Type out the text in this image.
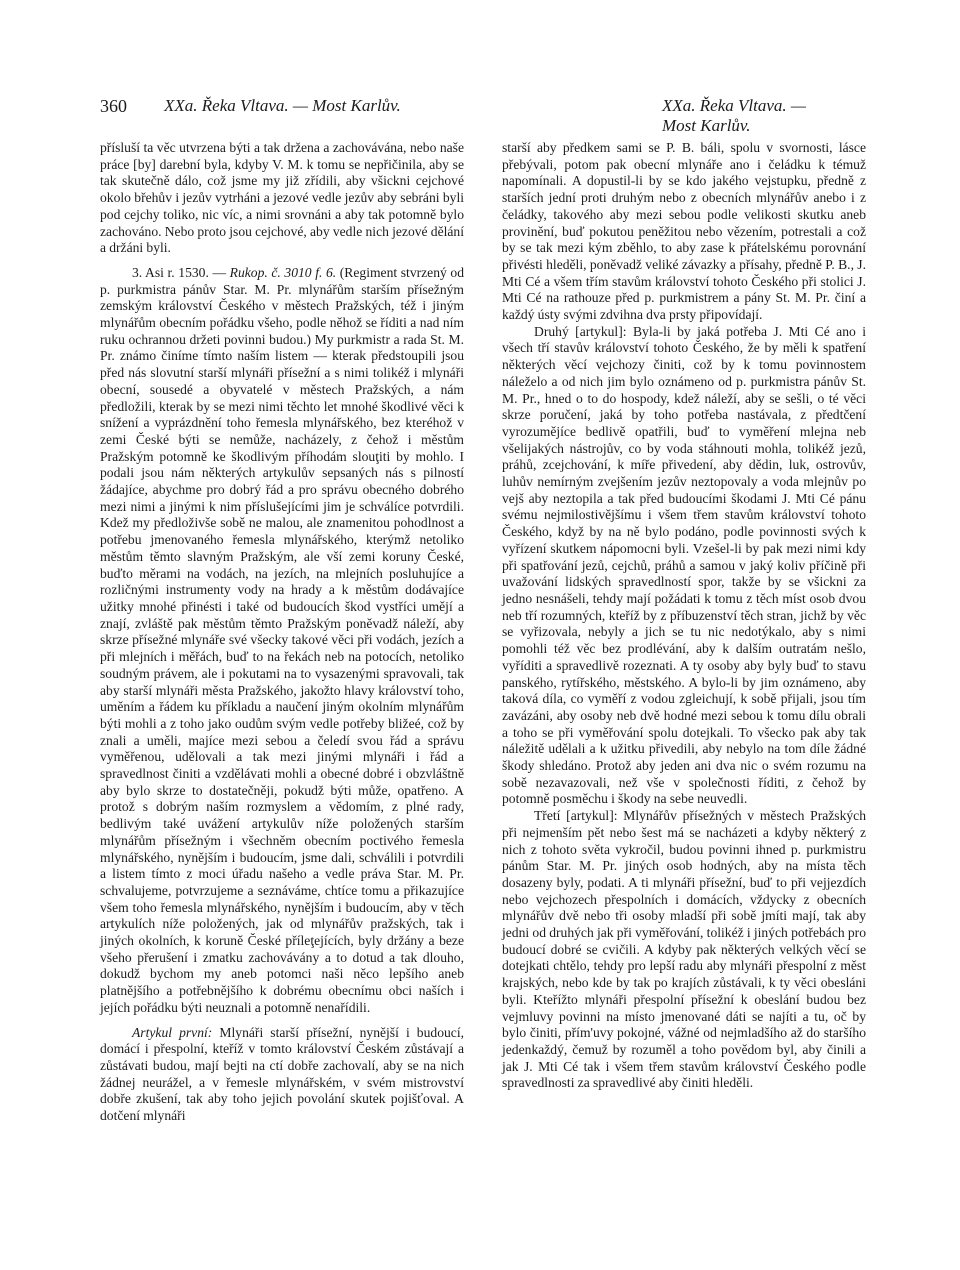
360 XXa. Řeka Vltava. — Most Karlův.	XXa. Řeka Vltava. — Most Karlův.

přísluší ta věc utvrzena býti a tak držena a zachovávána, nebo naše práce [by] darební byla, kdyby V. M. k tomu se nepřičinila, aby se tak skutečně dálo, což jsme my již zřídili, aby všickni cejchové okolo břehův i jezův vytrháni a jezové vedle jezův aby sebráni byli pod cejchy toliko, nic víc, a nimi srovnáni a aby tak potomně bylo zachováno. Nebo proto jsou cejchové, aby vedle nich jezové dělání a držáni byli.

3. Asi r. 1530. — Rukop. č. 3010 f. 6. (Regiment stvrzený od p. purkmistra pánův Star. M. Pr. mlynářům starším přísežným zemským království Českého v městech Pražských, též i jiným mlynářům obecním pořádku všeho, podle něhož se říditi a nad ním ruku ochrannou držeti povinni budou.) My purkmistr a rada St. M. Pr. známo činíme tímto naším listem — kterak předstoupili jsou před nás slovutní starší mlynáři přísežní a s nimi tolikéž i mlynáři obecní, sousedé a obyvatelé v městech Pražských, a nám předložili, kterak by se mezi nimi těchto let mnohé škodlivé věci k snížení a vyprázdnění toho řemesla mlynářského, bez kteréhož v zemi České býti se nemůže, nacházely, z čehož i městům Pražským potomně ke škodlivým příhodám slouţiti by mohlo. I podali jsou nám některých artykulův sepsaných nás s pilností žádajíce, abychme pro dobrý řád a pro správu obecného dobrého mezi nimi a jinými k nim příslušejícími jim je schválíce potvrdili. Kdež my předloživše sobě ne malou, ale znamenitou pohodlnost a potřebu jmenovaného řemesla mlynářského, kterýmž netoliko městům těmto slavným Pražským, ale vší zemi koruny České, buďto měrami na vodách, na jezích, na mlejních posluhujíce a rozličnými instrumenty vody na hrady a k městům dodávajíce užitky mnohé přinésti i také od budoucích škod vystříci umějí a znají, zvláště pak městům těmto Pražským poněvadž náleží, aby skrze přísežné mlynáře své všecky takové věci při vodách, jezích a při mlejních i měřách, buď to na řekách neb na potocích, netoliko soudným právem, ale i pokutami na to vysazenými spravovali, tak aby starší mlynáři města Pražského, jakožto hlavy království toho, uměním a řádem ku příkladu a naučení jiným okolním mlynářům býti mohli a z toho jako oudům svým vedle potřeby bližeé, což by znali a uměli, majíce mezi sebou a čeledí svou řád a správu vyměřenou, udělovali a tak mezi jinými mlynáři i řád a spravedlnost činiti a vzdělávati mohli a obecné dobré i obzvláštně aby bylo skrze to dostatečněji, pokudž býti může, opatřeno. A protož s dobrým naším rozmyslem a vědomím, z plné rady, bedlivým také uvážení artykulův níže položených starším mlynářům přísežným i všechněm obecním poctivého řemesla mlynářského, nynějším i budoucím, jsme dali, schválili i potvrdili a listem tímto z moci úřadu našeho a vedle práva Star. M. Pr. schvalujeme, potvrzujeme a seznáváme, chtíce tomu a přikazujíce všem toho řemesla mlynářského, nynějším i budoucím, aby v těch artykulích níže položených, jak od mlynářův pražských, tak i jiných okolních, k koruně České příleţejících, byly držány a beze všeho přerušení i zmatku zachovávány a to dotud a tak dlouho, dokudž bychom my aneb potomci naši něco lepšího aneb platnějšího a potřebnějšího k dobrému obecnímu obci naších i jejích pořádku býti neuznali a potomně nenařídili.

Artykul první: Mlynáři starší přísežní, nynější i budoucí, domácí i přespolní, kteříž v tomto království Českém zůstávají a zůstávati budou, mají bejti na ctí dobře zachovalí, aby se na nich žádnej neurážel, a v řemesle mlynářském, v svém mistrovství dobře zkušení, tak aby toho jejich povolání skutek pojišťoval. A dotčení mlynáři

starší aby předkem sami se P. B. báli, spolu v svornosti, lásce přebývali, potom pak obecní mlynáře ano i čeládku k témuž napomínali. A dopustil-li by se kdo jakého vejstupku, předně z starších jední proti druhým nebo z obecních mlynářův anebo i z čeládky, takového aby mezi sebou podle velikosti skutku aneb provinění, buď pokutou peněžitou nebo vězením, potrestali a což by se tak mezi kým zběhlo, to aby zase k přátelskému porovnání přivésti hleděli, poněvadž veliké závazky a přísahy, předně P. B., J. Mti Cé a všem třím stavům království tohoto Českého při stolici J. Mti Cé na rathouze před p. purkmistrem a pány St. M. Pr. činí a každý ústy svými zdvihna dva prsty připovídají.

Druhý [artykul]: Byla-li by jaká potřeba J. Mti Cé ano i všech tří stavův království tohoto Českého, že by měli k spatření některých věcí vejchozy činiti, což by k tomu povinnostem náleželo a od nich jim bylo oznámeno od p. purkmistra pánův St. M. Pr., hned o to do hospody, kdež náleží, aby se sešli, o té věci skrze poručení, jaká by toho potřeba nastávala, z předtčení vyrozumějíce bedlivě opatřili, buď to vyměření mlejna neb všelijakých nástrojův, co by voda stáhnouti mohla, tolikéž jezů, práhů, zcejchování, k míře přivedení, aby dědin, luk, ostrovův, luhův nemírným zvejšením jezův neztopovaly a voda mlejnův po vejš aby neztopila a tak před budoucími škodami J. Mti Cé pánu svému nejmilostivějšímu i všem třem stavům království tohoto Českého, když by na ně bylo podáno, podle povinnosti svých k vyřízení skutkem nápomocni byli. Vzešel-li by pak mezi nimi kdy při spatřování jezů, cejchů, práhů a samou v jaký koliv příčině při uvažování lidských spravedlností spor, takže by se všickni za jedno nesnášeli, tehdy mají požádati k tomu z těch míst osob dvou neb tří rozumných, kteříž by z příbuzenství těch stran, jichž by věc se vyřizovala, nebyly a jich se tu nic nedotýkalo, aby s nimi pomohli též věc bez prodlévání, aby k dalším outratám nešlo, vyříditi a spravedlivě rozeznati. A ty osoby aby byly buď to stavu panského, rytířského, městského. A bylo-li by jim oznámeno, aby taková díla, co vyměří z vodou zgleichují, k sobě přijali, jsou tím zavázáni, aby osoby neb dvě hodné mezi sebou k tomu dílu obrali a toho se při vyměřování spolu dotejkali. To všecko pak aby tak náležitě udělali a k užitku přivedili, aby nebylo na tom díle žádné škody shledáno. Protož aby jeden ani dva nic o svém rozumu na sobě nezavazovali, než vše v společnosti říditi, z čehož by potomně posměchu i škody na sebe neuvedli.

Třetí [artykul]: Mlynářův přísežných v městech Pražských při nejmenším pět nebo šest má se nacházeti a kdyby některý z nich z tohoto světa vykročil, budou povinni ihned p. purkmistru pánům Star. M. Pr. jiných osob hodných, aby na místa těch dosazeny byly, podati. A ti mlynáři přísežní, buď to při vejjezdích nebo vejchozech přespolních i domácích, vždycky z obecních mlynářův dvě nebo tři osoby mladší při sobě jmíti mají, tak aby jedni od druhých jak při vyměřování, tolikéž i jiných potřebách pro budoucí dobré se cvičili. A kdyby pak některých velkých věcí se dotejkati chtělo, tehdy pro lepší radu aby mlynáři přespolní z měst krajských, nebo kde by tak po krajích zůstávali, k ty věci obesláni byli. Kteřížto mlynáři přespolní přísežní k obeslání budou bez vejmluvy povinni na místo jmenované dáti se najíti a tu, oč by bylo činiti, přím'uvy pokojné, vážné od nejmladšího až do staršího jedenkaždý, čemuž by rozuměl a toho povědom byl, aby činili a jak J. Mti Cé tak i všem třem stavům království Českého podle spravedlnosti za spravedlivé aby činiti hleděli.
